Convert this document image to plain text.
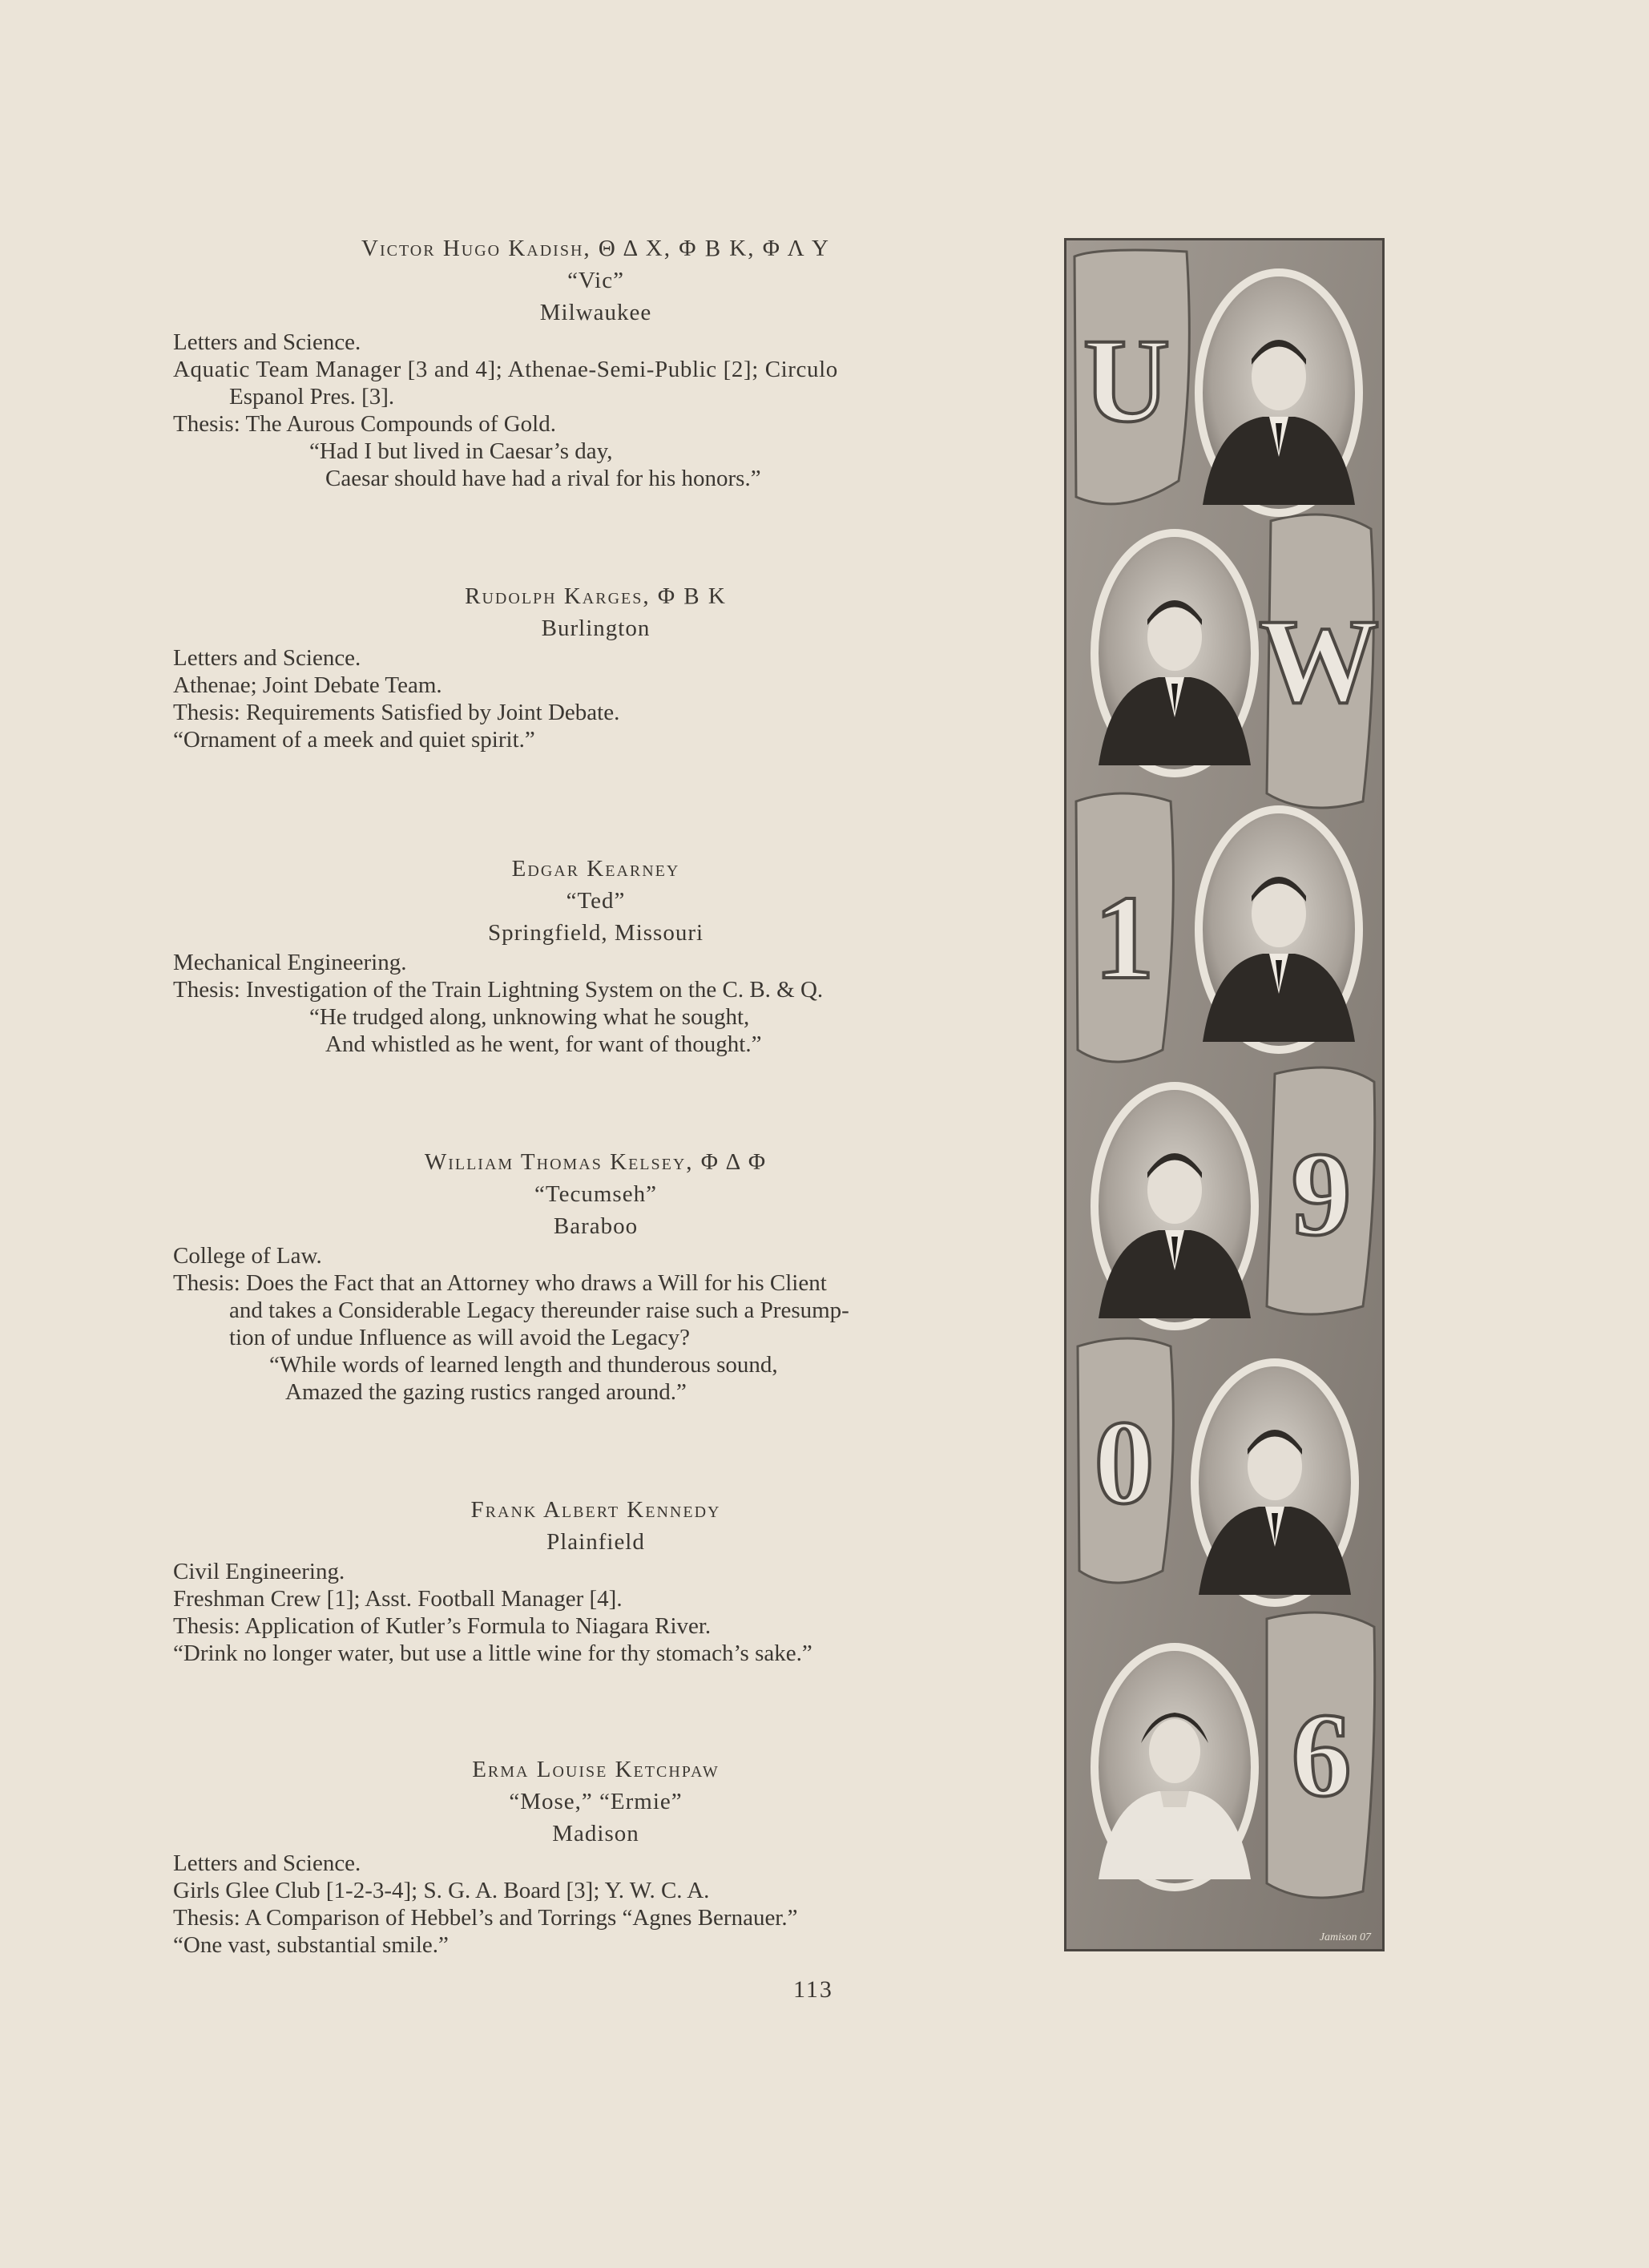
Victor Hugo Kadish, Θ Δ Χ, Φ Β Κ, Φ Λ Υ
“Vic”
Milwaukee
Letters and Science.
Aquatic Team Manager [3 and 4]; Athenae-Semi-Public [2]; Circulo
Espanol Pres. [3].
Thesis: The Aurous Compounds of Gold.
“Had I but lived in Caesar’s day,
Caesar should have had a rival for his honors.”
Rudolph Karges, Φ Β Κ
Burlington
Letters and Science.
Athenae; Joint Debate Team.
Thesis: Requirements Satisfied by Joint Debate.
“Ornament of a meek and quiet spirit.”
Edgar Kearney
“Ted”
Springfield, Missouri
Mechanical Engineering.
Thesis: Investigation of the Train Lightning System on the C. B. & Q.
“He trudged along, unknowing what he sought,
And whistled as he went, for want of thought.”
William Thomas Kelsey, Φ Δ Φ
“Tecumseh”
Baraboo
College of Law.
Thesis: Does the Fact that an Attorney who draws a Will for his Client
and takes a Considerable Legacy thereunder raise such a Presump-
tion of undue Influence as will avoid the Legacy?
“While words of learned length and thunderous sound,
Amazed the gazing rustics ranged around.”
Frank Albert Kennedy
Plainfield
Civil Engineering.
Freshman Crew [1]; Asst. Football Manager [4].
Thesis: Application of Kutler’s Formula to Niagara River.
“Drink no longer water, but use a little wine for thy stomach’s sake.”
Erma Louise Ketchpaw
“Mose,” “Ermie”
Madison
Letters and Science.
Girls Glee Club [1-2-3-4]; S. G. A. Board [3]; Y. W. C. A.
Thesis: A Comparison of Hebbel’s and Torrings “Agnes Bernauer.”
“One vast, substantial smile.”
U
W
1
9
0
6
Jamison 07
113
